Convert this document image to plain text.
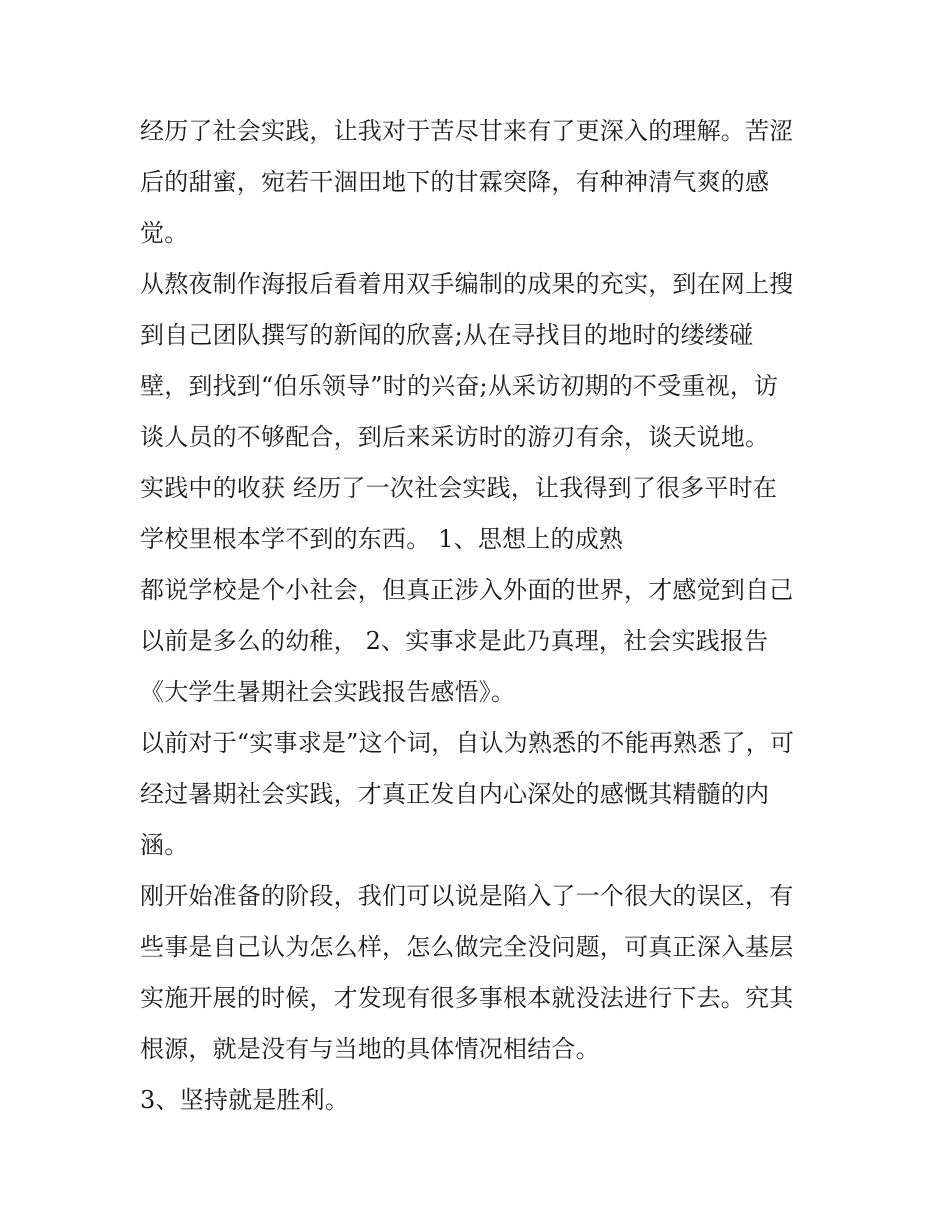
经历了社会实践，让我对于苦尽甘来有了更深入的理解。苦涩
后的甜蜜，宛若干涸田地下的甘霖突降，有种神清气爽的感
觉。
从熬夜制作海报后看着用双手编制的成果的充实，到在网上搜
到自己团队撰写的新闻的欣喜;从在寻找目的地时的缕缕碰
壁，到找到“伯乐领导”时的兴奋;从采访初期的不受重视，访
谈人员的不够配合，到后来采访时的游刃有余，谈天说地。
实践中的收获 经历了一次社会实践，让我得到了很多平时在
学校里根本学不到的东西。 1、思想上的成熟
都说学校是个小社会，但真正涉入外面的世界，才感觉到自己
以前是多么的幼稚， 2、实事求是此乃真理，社会实践报告
《大学生暑期社会实践报告感悟》。
以前对于“实事求是”这个词，自认为熟悉的不能再熟悉了，可
经过暑期社会实践，才真正发自内心深处的感慨其精髓的内
涵。
刚开始准备的阶段，我们可以说是陷入了一个很大的误区，有
些事是自己认为怎么样，怎么做完全没问题，可真正深入基层
实施开展的时候，才发现有很多事根本就没法进行下去。究其
根源，就是没有与当地的具体情况相结合。
3、坚持就是胜利。
